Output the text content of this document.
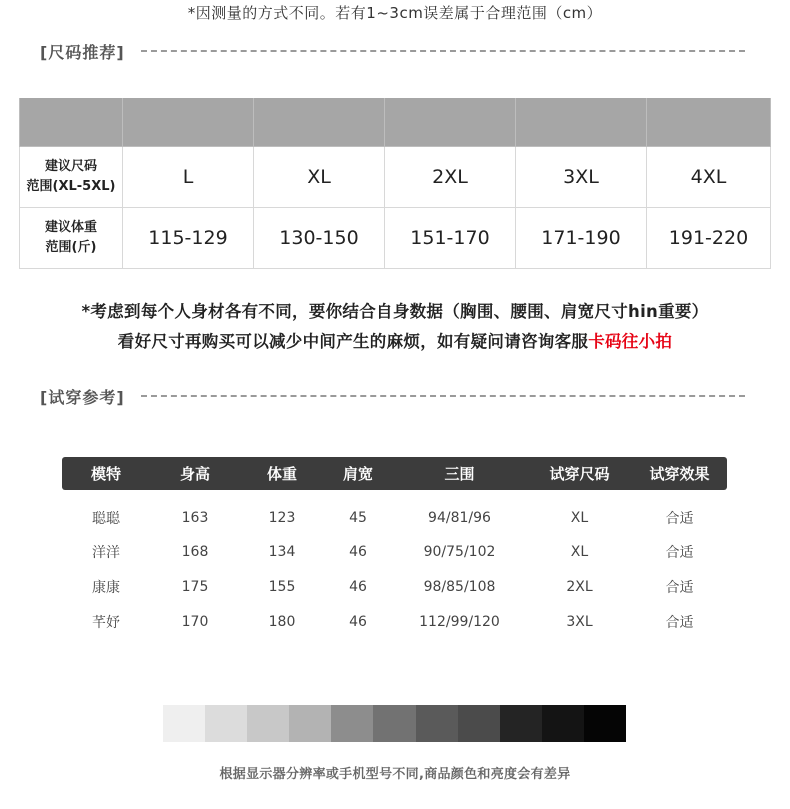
*因测量的方式不同。若有1~3cm误差属于合理范围（cm）
[尺码推荐]

建议尺码
范围(XL-5XL)	L	XL	2XL	3XL	4XL

建议体重
范围(斤)	115-129	130-150	151-170	171-190	191-220
*考虑到每个人身材各有不同，要你结合自身数据（胸围、腰围、肩宽尺寸hin重要）
看好尺寸再购买可以减少中间产生的麻烦，如有疑问请咨询客服卡码往小拍
[试穿参考]
模特	身高	体重	肩宽	三围	试穿尺码	试穿效果
聪聪	163	123	45	94/81/96	XL	合适
洋洋	168	134	46	90/75/102	XL	合适
康康	175	155	46	98/85/108	2XL	合适
芊妤	170	180	46	112/99/120	3XL	合适
根据显示器分辨率或手机型号不同,商品颜色和亮度会有差异
